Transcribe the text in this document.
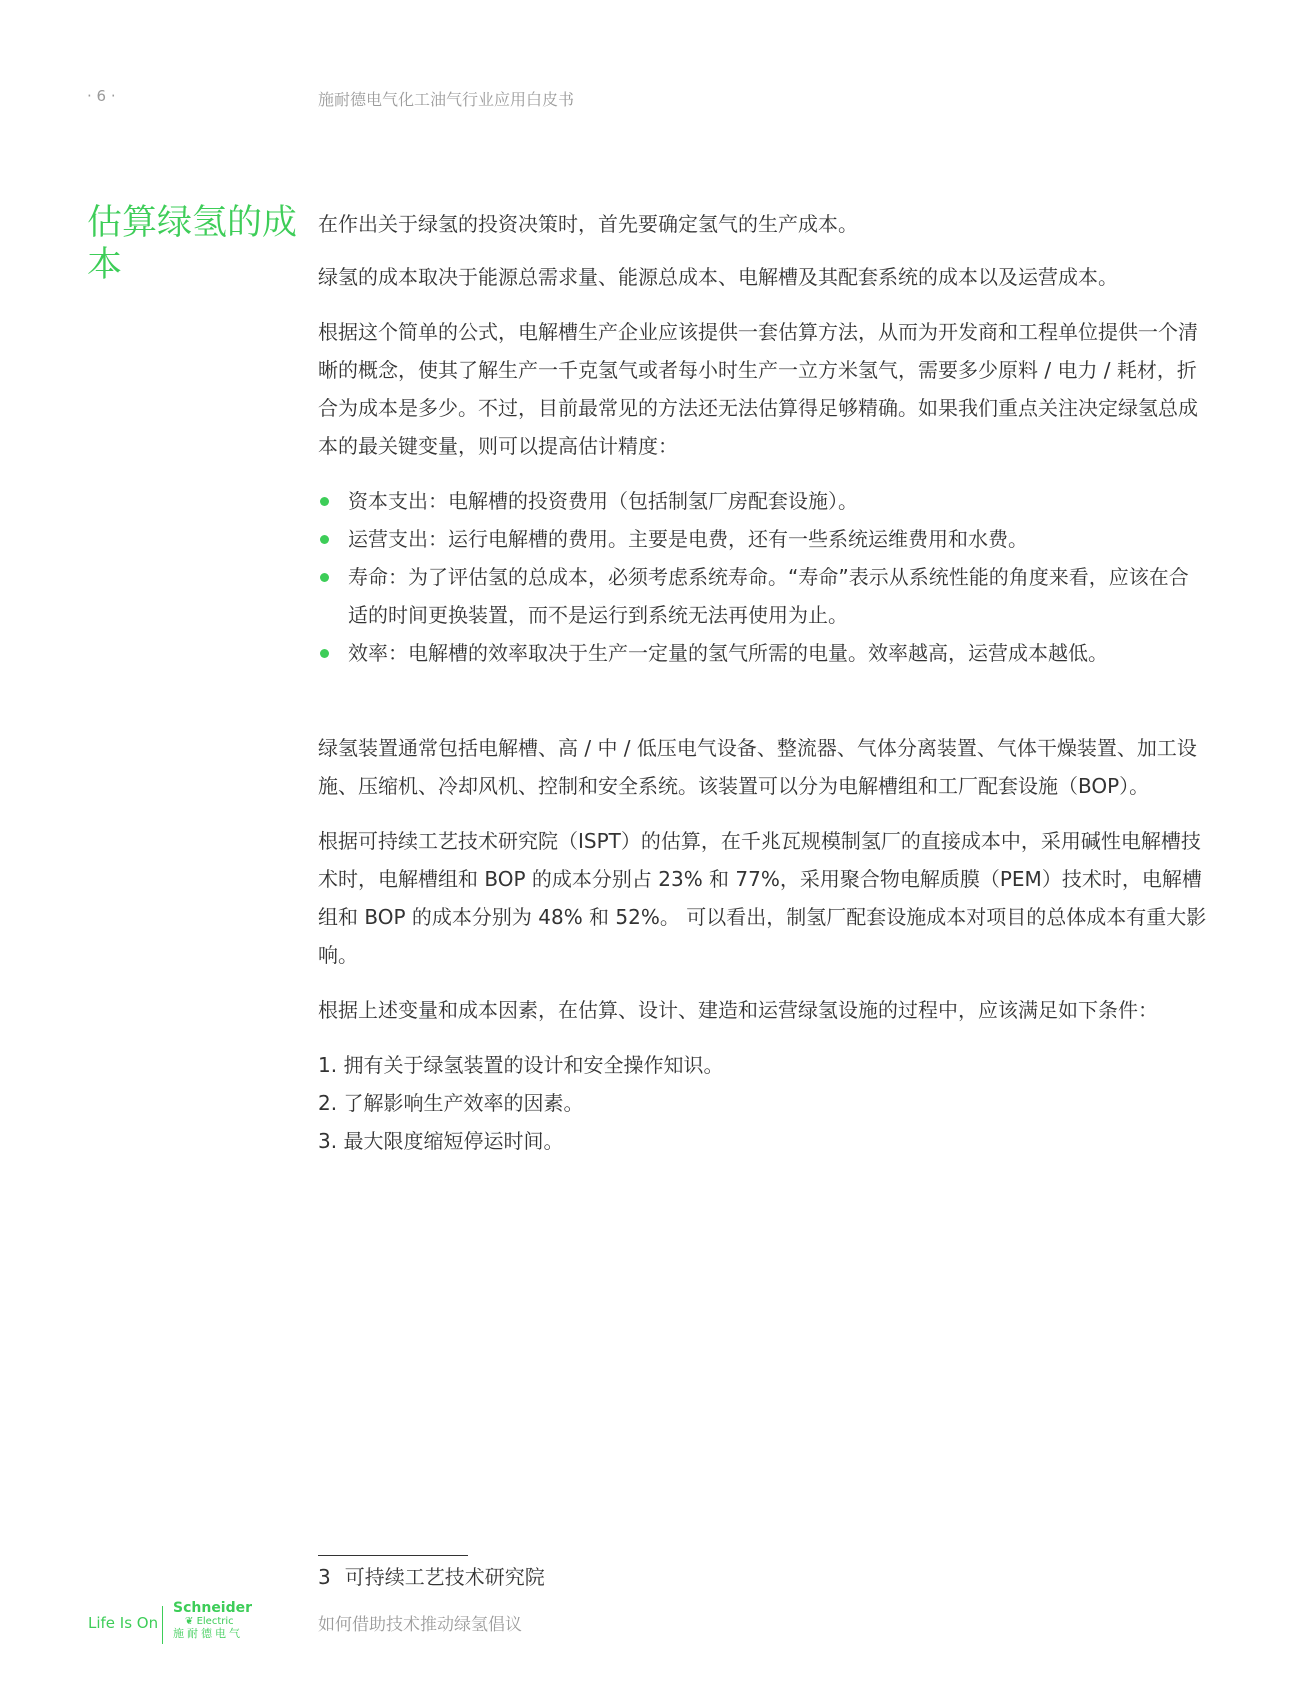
· 6 ·	施耐德电气化工油气行业应用白皮书
估算绿氢的成本

在作出关于绿氢的投资决策时，首先要确定氢气的生产成本。

绿氢的成本取决于能源总需求量、能源总成本、电解槽及其配套系统的成本以及运营成本。

根据这个简单的公式，电解槽生产企业应该提供一套估算方法，从而为开发商和工程单位提供一个清晰的概念，使其了解生产一千克氢气或者每小时生产一立方米氢气，需要多少原料 / 电力 / 耗材，折合为成本是多少。不过，目前最常见的方法还无法估算得足够精确。如果我们重点关注决定绿氢总成本的最关键变量，则可以提高估计精度：

资本支出：电解槽的投资费用（包括制氢厂房配套设施）。
运营支出：运行电解槽的费用。主要是电费，还有一些系统运维费用和水费。
寿命：为了评估氢的总成本，必须考虑系统寿命。“寿命”表示从系统性能的角度来看，应该在合适的时间更换装置，而不是运行到系统无法再使用为止。
效率：电解槽的效率取决于生产一定量的氢气所需的电量。效率越高，运营成本越低。

绿氢装置通常包括电解槽、高 / 中 / 低压电气设备、整流器、气体分离装置、气体干燥装置、加工设施、压缩机、冷却风机、控制和安全系统。该装置可以分为电解槽组和工厂配套设施（BOP）。

根据可持续工艺技术研究院（ISPT）的估算，在千兆瓦规模制氢厂的直接成本中，采用碱性电解槽技术时，电解槽组和 BOP 的成本分别占 23% 和 77%，采用聚合物电解质膜（PEM）技术时，电解槽组和 BOP 的成本分别为 48% 和 52%。 可以看出，制氢厂配套设施成本对项目的总体成本有重大影响。

根据上述变量和成本因素，在估算、设计、建造和运营绿氢设施的过程中，应该满足如下条件：

1. 拥有关于绿氢装置的设计和安全操作知识。
2. 了解影响生产效率的因素。
3. 最大限度缩短停运时间。
3 可持续工艺技术研究院
Life Is On
Schneider
❦ Electric
施耐德电气	如何借助技术推动绿氢倡议
